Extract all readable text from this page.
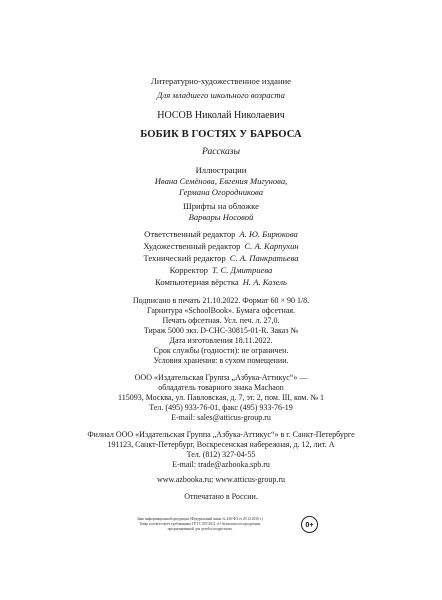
Литературно-художественное издание
Для младшего школьного возраста
НОСОВ Николай Николаевич
БОБИК В ГОСТЯХ У БАРБОСА
Рассказы
Иллюстрации
Ивана Семёнова, Евгения Мигунова,
Германа Огородникова
Шрифты на обложке
Варвары Носовой
Ответственный редактор А. Ю. Бирюкова
Художественный редактор С. А. Карпухин
Технический редактор С. А. Панкратьева
Корректор Т. С. Дмитриева
Компьютерная вёрстка Н. А. Козель
Подписано в печать 21.10.2022. Формат 60 × 90 1/8.
Гарнитура «SchoolBook». Бумага офсетная.
Печать офсетная. Усл. печ. л. 27,0.
Тираж 5000 экз. D-CHC-30815-01-R. Заказ №
Дата изготовления 18.11.2022.
Срок службы (годности): не ограничен.
Условия хранения: в сухом помещении.
ООО «Издательская Группа „Азбука-Аттикус“» —
обладатель товарного знака Machaon
115093, Москва, ул. Павловская, д. 7, эт. 2, пом. III, ком. № 1
Тел. (495) 933-76-01, факс (495) 933-76-19
E-mail: sales@atticus-group.ru
Филиал ООО «Издательская Группа „Азбука-Аттикус“» в г. Санкт-Петербурге
191123, Санкт-Петербург, Воскресенская набережная, д. 12, лит. А
Тел. (812) 327-04-55
E-mail: trade@azbooka.spb.ru
www.azbooka.ru; www.atticus-group.ru
Отпечатано в России.
Знак информационной продукции (Федеральный закон № 436-ФЗ от 29.12.2010 г.)
Товар соответствует требованиям ТР ТС 007/2011 «О безопасности продукции,
предназначенной для детей и подростков»	0+
